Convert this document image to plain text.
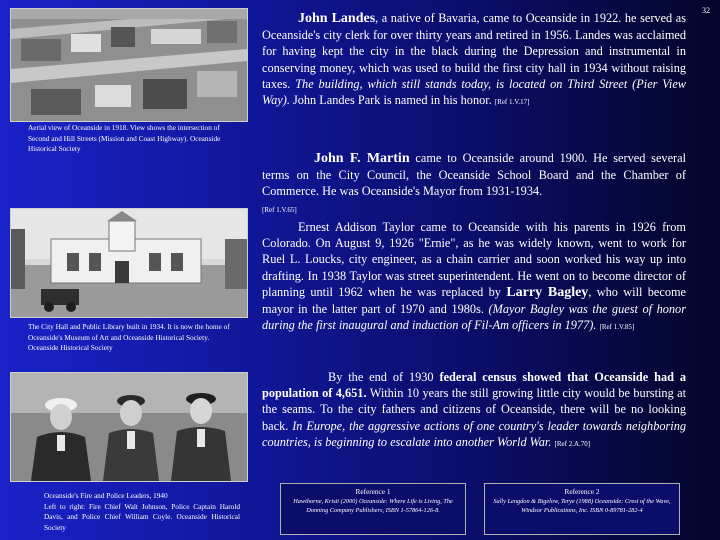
32
Aerial view of Oceanside in 1918. View shows the intersection of Second and Hill Streets (Mission and Coast Highway). Oceanside Historical Society
The City Hall and Public Library built in 1934. It is now the home of Oceanside's Museum of Art and Oceanside Historical Society.
Oceanside Historical Society
Oceanside's Fire and Police Leaders, 1940
Left to right: Fire Chief Walt Johnson, Police Captain Harold Davis, and Police Chief William Coyle. Oceanside Historical Society
John Landes, a native of Bavaria, came to Oceanside in 1922. he served as Oceanside's city clerk for over thirty years and retired in 1956. Landes was acclaimed for having kept the city in the black during the Depression and instrumental in conserving money, which was used to build the first city hall in 1934 without raising taxes. The building, which still stands today, is located on Third Street (Pier View Way). John Landes Park is named in his honor. [Ref 1.V.17]
John F. Martin came to Oceanside around 1900. He served several terms on the City Council, the Oceanside School Board and the Chamber of Commerce. He was Oceanside's Mayor from 1931-1934.
[Ref 1.V.65]
Ernest Addison Taylor came to Oceanside with his parents in 1926 from Colorado. On August 9, 1926 "Ernie", as he was widely known, went to work for Ruel L. Loucks, city engineer, as a chain carrier and soon worked his way up into drafting. In 1938 Taylor was street superintendent. He went on to become director of planning until 1962 when he was replaced by Larry Bagley, who will become mayor in the latter part of 1970 and 1980s. (Mayor Bagley was the guest of honor during the first inaugural and induction of Fil-Am officers in 1977). [Ref 1.V.85]
By the end of 1930 federal census showed that Oceanside had a population of 4,651. Within 10 years the still growing little city would be bursting at the seams. To the city fathers and citizens of Oceanside, there will be no looking back. In Europe, the aggressive actions of one country's leader towards neighboring countries, is beginning to escalate into another World War. [Ref 2.A.70]
Reference 1
Hawthorne, Kristi (2000) Oceanside: Where Life is Living, The Donning Company Publishers, ISBN 1-57864-126-8.
Reference 2
Sally Lengdon & Bigelow, Terye (1988) Oceanside: Crest of the Wave, Windsor Publications, Inc. ISBN 0-89781-282-4
